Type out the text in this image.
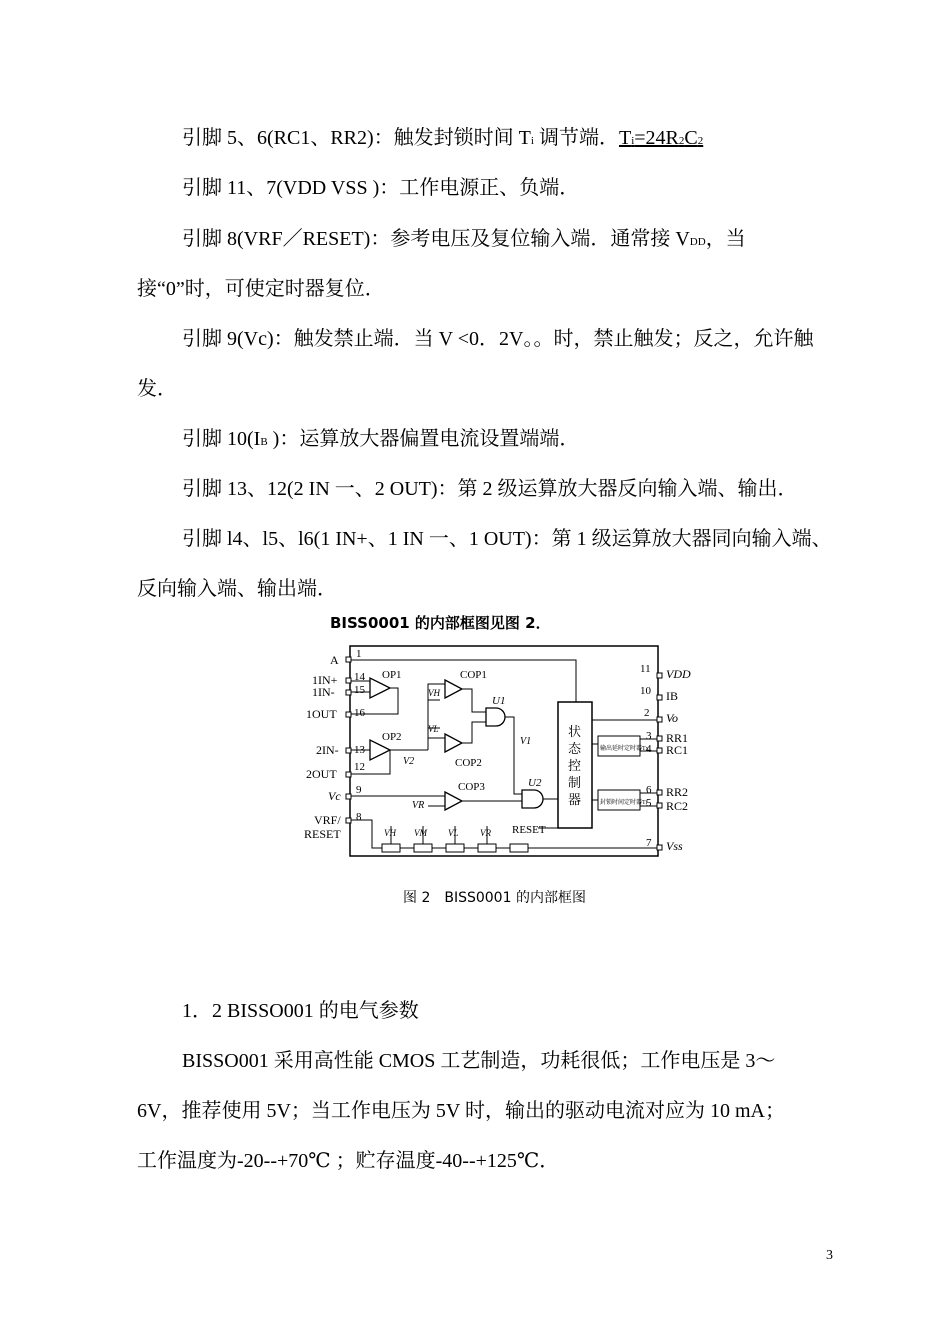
引脚 5、6(RC1、RR2)：触发封锁时间 Ti 调节端．Ti=24R2C2
引脚 11、7(VDD VSS )：工作电源正、负端．
引脚 8(VRF／RESET)：参考电压及复位输入端．通常接 VDD，当
接“0”时，可使定时器复位．
引脚 9(Vc)：触发禁止端．当 V <0．2V。。时，禁止触发；反之，允许触
发．
引脚 10(IB )：运算放大器偏置电流设置端端．
引脚 13、12(2 IN 一、2 OUT)：第 2 级运算放大器反向输入端、输出．
引脚 l4、l5、l6(1 IN+、1 IN 一、1 OUT)：第 1 级运算放大器同向输入端、
反向输入端、输出端．
BISS0001 的内部框图见图 2．
A
1IN+
1IN-
1OUT
2IN-
2OUT
Vc
VRF/
RESET
1
14
15
16
13
12
9
8
VDD
IB
Vo
RR1
RC1
RR2
RC2
Vss
11
10
2
3
4
6
5
7
OP1
OP2
V2
COP1
COP2
VH
VL
U1
V1
COP3
VR
U2
状
态
控
制
器
输出延时定时器Tx
封锁时间定时器Ti
VH VM VL VR RESET
图 2　BISS0001 的内部框图
1．2 BISSO001 的电气参数
BISSO001 采用高性能 CMOS 工艺制造，功耗很低；工作电压是 3～
6V，推荐使用 5V；当工作电压为 5V 时，输出的驱动电流对应为 10 mA；
工作温度为-20--+70℃ ；贮存温度-40--+125℃．
3
